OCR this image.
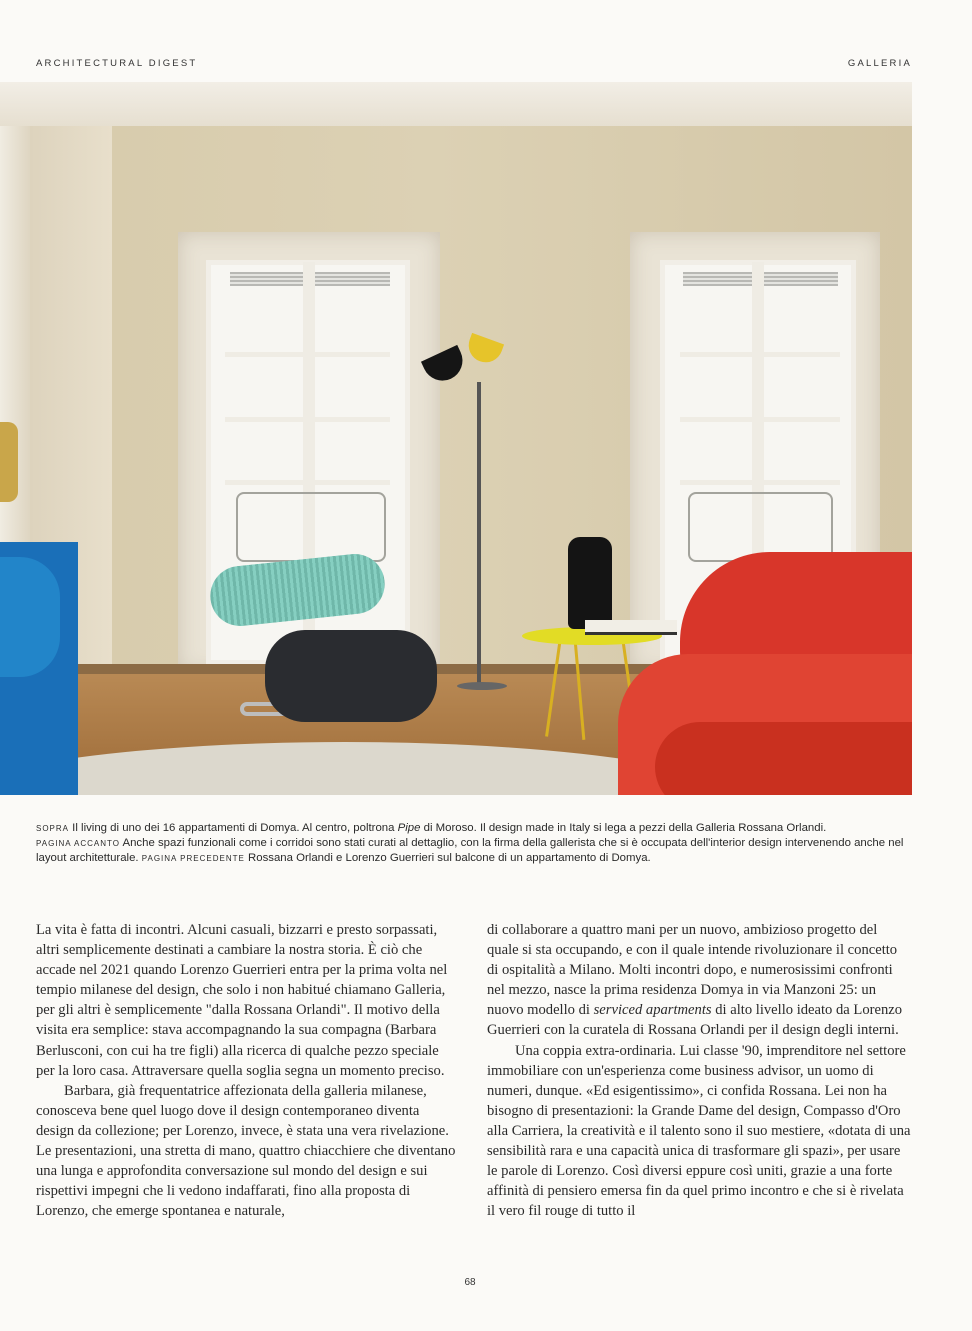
ARCHITECTURAL DIGEST	GALLERIA
SOPRA Il living di uno dei 16 appartamenti di Domya. Al centro, poltrona Pipe di Moroso. Il design made in Italy si lega a pezzi della Galleria Rossana Orlandi.
PAGINA ACCANTO Anche spazi funzionali come i corridoi sono stati curati al dettaglio, con la firma della gallerista che si è occupata dell'interior design intervenendo anche nel layout architetturale. PAGINA PRECEDENTE Rossana Orlandi e Lorenzo Guerrieri sul balcone di un appartamento di Domya.

La vita è fatta di incontri. Alcuni casuali, bizzarri e presto sorpassati, altri semplicemente destinati a cambiare la nostra storia. È ciò che accade nel 2021 quando Lorenzo Guerrieri entra per la prima volta nel tempio milanese del design, che solo i non habitué chiamano Galleria, per gli altri è semplicemente "dalla Rossana Orlandi". Il motivo della visita era semplice: stava accompagnando la sua compagna (Barbara Berlusconi, con cui ha tre figli) alla ricerca di qualche pezzo speciale per la loro casa. Attraversare quella soglia segna un momento preciso.

Barbara, già frequentatrice affezionata della galleria milanese, conosceva bene quel luogo dove il design contemporaneo diventa design da collezione; per Lorenzo, invece, è stata una vera rivelazione. Le presentazioni, una stretta di mano, quattro chiacchiere che diventano una lunga e approfondita conversazione sul mondo del design e sui rispettivi impegni che li vedono indaffarati, fino alla proposta di Lorenzo, che emerge spontanea e naturale,

di collaborare a quattro mani per un nuovo, ambizioso progetto del quale si sta occupando, e con il quale intende rivoluzionare il concetto di ospitalità a Milano. Molti incontri dopo, e numerosissimi confronti nel mezzo, nasce la prima residenza Domya in via Manzoni 25: un nuovo modello di serviced apartments di alto livello ideato da Lorenzo Guerrieri con la curatela di Rossana Orlandi per il design degli interni.

Una coppia extra-ordinaria. Lui classe '90, imprenditore nel settore immobiliare con un'esperienza come business advisor, un uomo di numeri, dunque. «Ed esigentissimo», ci confida Rossana. Lei non ha bisogno di presentazioni: la Grande Dame del design, Compasso d'Oro alla Carriera, la creatività e il talento sono il suo mestiere, «dotata di una sensibilità rara e una capacità unica di trasformare gli spazi», per usare le parole di Lorenzo. Così diversi eppure così uniti, grazie a una forte affinità di pensiero emersa fin da quel primo incontro e che si è rivelata il vero fil rouge di tutto il

68
